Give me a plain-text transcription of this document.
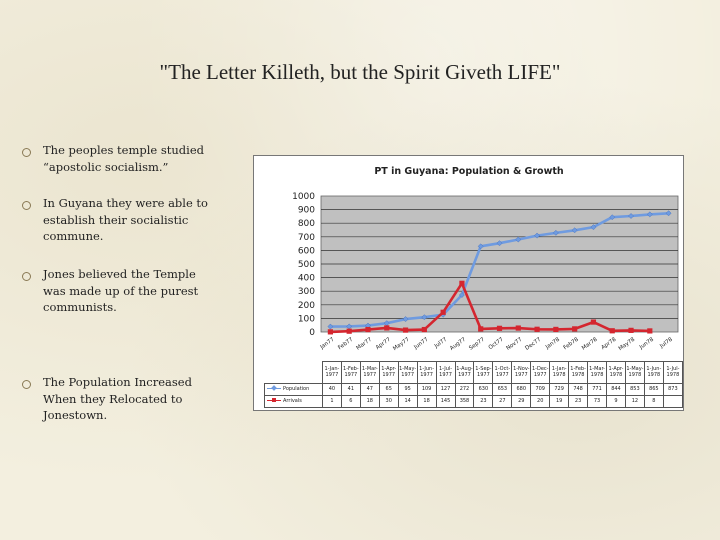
"The Letter Killeth, but the Spirit Giveth LIFE"
The peoples temple studied “apostolic socialism.”
In Guyana they were able to establish their socialistic commune.
Jones believed the Temple was made up of the purest communists.
The Population Increased When they Relocated to Jonestown.
PT in Guyana: Population & Growth
0
100
200
300
400
500
600
700
800
900
1000
Jan77 Feb77 Mar77 Apr77 May77 Jun77 Jul77 Aug77 Sep77 Oct77 Nov77 Dec77 Jan78 Feb78 Mar78 Apr78 May78 Jun78 Jul78
	1-Jan-1977	1-Feb-1977	1-Mar-1977	1-Apr-1977	1-May-1977	1-Jun-1977	1-Jul-1977	1-Aug-1977	1-Sep-1977	1-Oct-1977	1-Nov-1977	1-Dec-1977	1-Jan-1978	1-Feb-1978	1-Mar-1978	1-Apr-1978	1-May-1978	1-Jun-1978	1-Jul-1978

Population	40	41	47	65	95	109	127	272	630	653	680	709	729	748	771	844	853	865	873

Arrivals	1	6	18	30	14	18	145	358	23	27	29	20	19	23	73	9	12	8	
